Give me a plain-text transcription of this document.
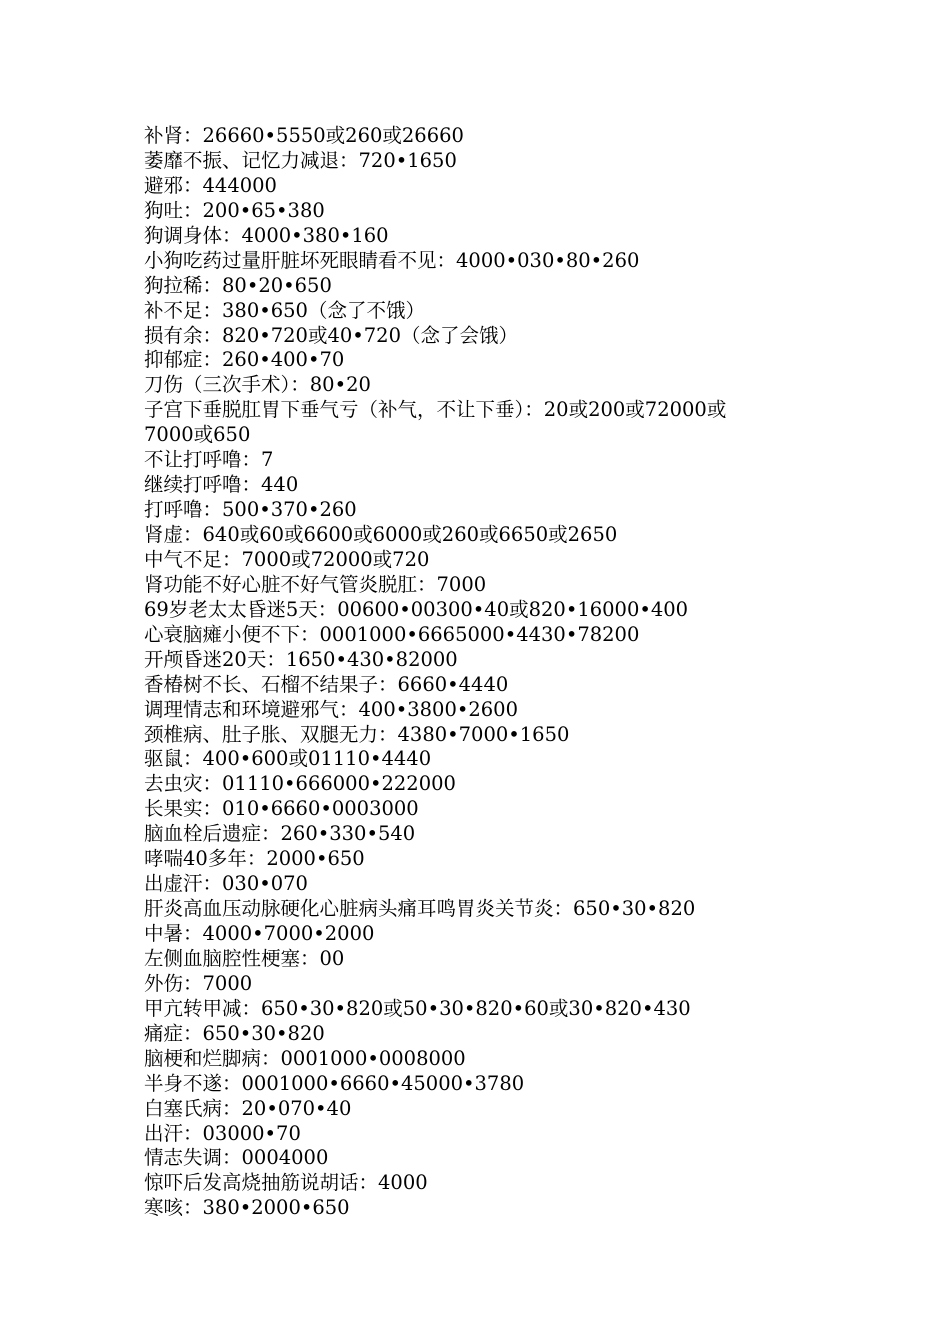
补肾：26660•5550或260或26660
萎靡不振、记忆力减退：720•1650
避邪：444000
狗吐：200•65•380
狗调身体：4000•380•160
小狗吃药过量肝脏坏死眼睛看不见：4000•030•80•260
狗拉稀：80•20•650
补不足：380•650（念了不饿）
损有余：820•720或40•720（念了会饿）
抑郁症：260•400•70
刀伤（三次手术）：80•20
子宫下垂脱肛胃下垂气亏（补气，不让下垂）：20或200或72000或
7000或650
不让打呼噜：7
继续打呼噜：440
打呼噜：500•370•260
肾虚：640或60或6600或6000或260或6650或2650
中气不足：7000或72000或720
肾功能不好心脏不好气管炎脱肛：7000
69岁老太太昏迷5天：00600•00300•40或820•16000•400
心衰脑瘫小便不下：0001000•6665000•4430•78200
开颅昏迷20天：1650•430•82000
香椿树不长、石榴不结果子：6660•4440
调理情志和环境避邪气：400•3800•2600
颈椎病、肚子胀、双腿无力：4380•7000•1650
驱鼠：400•600或01110•4440
去虫灾：01110•666000•222000
长果实：010•6660•0003000
脑血栓后遗症：260•330•540
哮喘40多年：2000•650
出虚汗：030•070
肝炎高血压动脉硬化心脏病头痛耳鸣胃炎关节炎：650•30•820
中暑：4000•7000•2000
左侧血脑腔性梗塞：00
外伤：7000
甲亢转甲减：650•30•820或50•30•820•60或30•820•430
痛症：650•30•820
脑梗和烂脚病：0001000•0008000
半身不遂：0001000•6660•45000•3780
白塞氏病：20•070•40
出汗：03000•70
情志失调：0004000
惊吓后发高烧抽筋说胡话：4000
寒咳：380•2000•650
